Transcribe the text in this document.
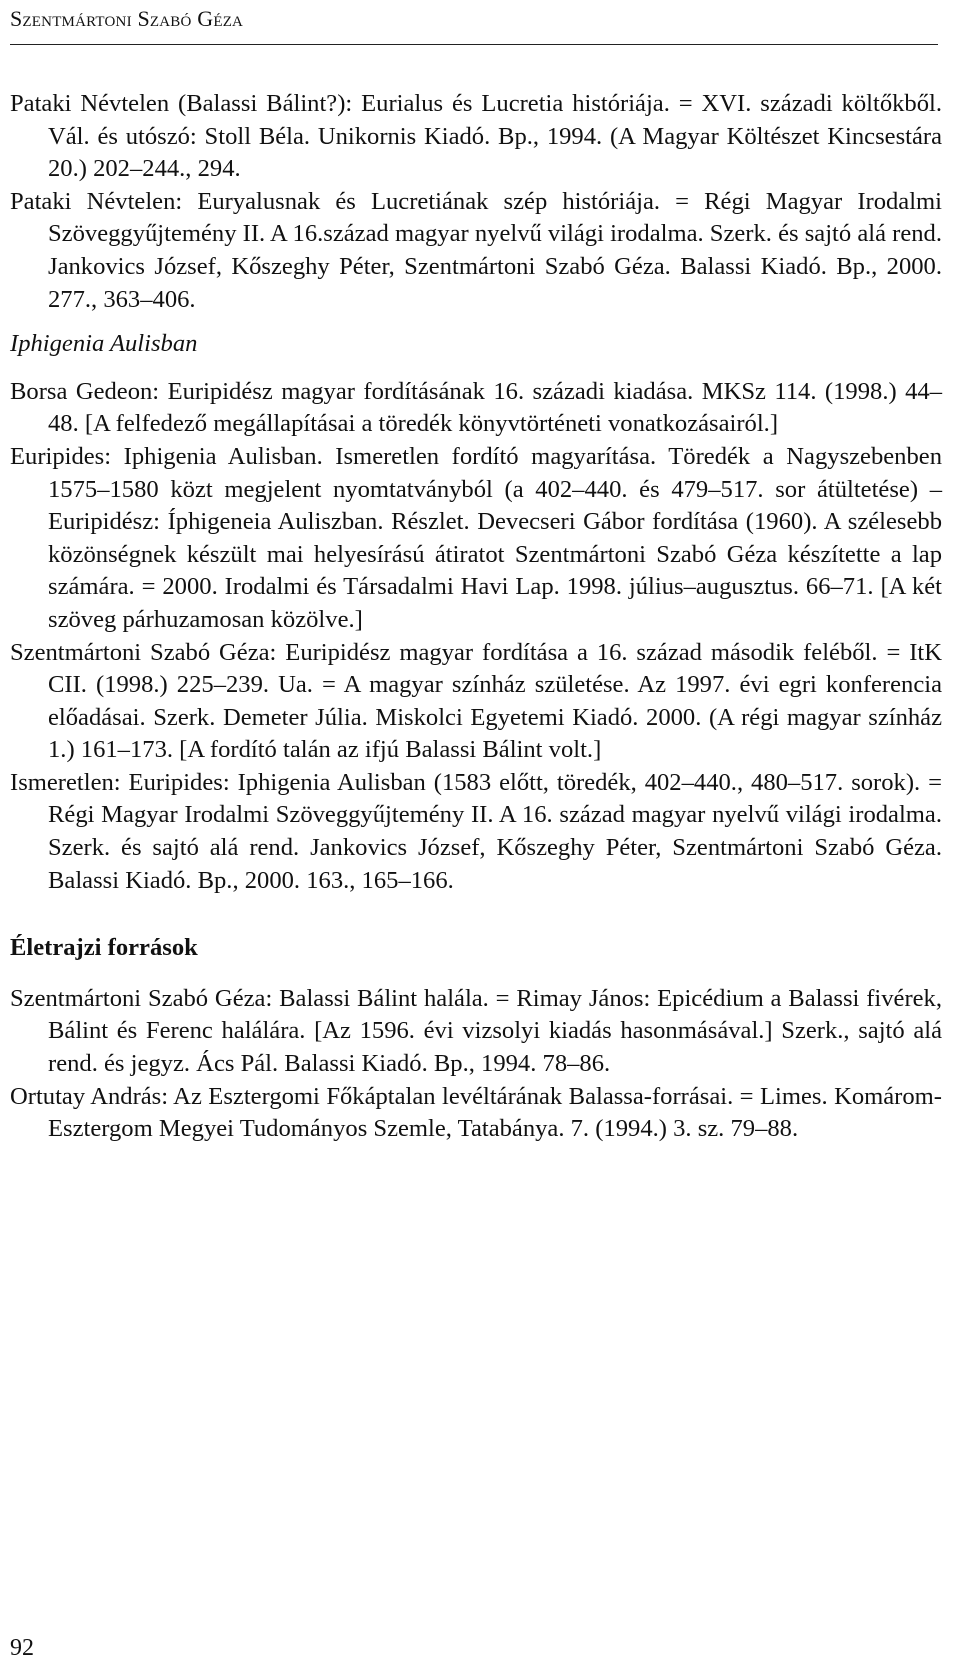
Szentmártoni Szabó Géza

Pataki Névtelen (Balassi Bálint?): Eurialus és Lucretia históriája. = XVI. századi költőkből. Vál. és utószó: Stoll Béla. Unikornis Kiadó. Bp., 1994. (A Magyar Költészet Kincsestára 20.) 202–244., 294.

Pataki Névtelen: Euryalusnak és Lucretiának szép históriája. = Régi Magyar Irodalmi Szöveggyűjtemény II. A 16.század magyar nyelvű világi irodalma. Szerk. és sajtó alá rend. Jankovics József, Kőszeghy Péter, Szentmártoni Szabó Géza. Balassi Kiadó. Bp., 2000. 277., 363–406.

Iphigenia Aulisban

Borsa Gedeon: Euripidész magyar fordításának 16. századi kiadása. MKSz 114. (1998.) 44–48. [A felfedező megállapításai a töredék könyvtörténeti vonatkozásairól.]

Euripides: Iphigenia Aulisban. Ismeretlen fordító magyarítása. Töredék a Nagyszebenben 1575–1580 közt megjelent nyomtatványból (a 402–440. és 479–517. sor átültetése) – Euripidész: Íphigeneia Auliszban. Részlet. Devecseri Gábor fordítása (1960). A szélesebb közönségnek készült mai helyesírású átiratot Szentmártoni Szabó Géza készítette a lap számára. = 2000. Irodalmi és Társadalmi Havi Lap. 1998. július–augusztus. 66–71. [A két szöveg párhuzamosan közölve.]

Szentmártoni Szabó Géza: Euripidész magyar fordítása a 16. század második feléből. = ItK CII. (1998.) 225–239. Ua. = A magyar színház születése. Az 1997. évi egri konferencia előadásai. Szerk. Demeter Júlia. Miskolci Egyetemi Kiadó. 2000. (A régi magyar színház 1.) 161–173. [A fordító talán az ifjú Balassi Bálint volt.]

Ismeretlen: Euripides: Iphigenia Aulisban (1583 előtt, töredék, 402–440., 480–517. sorok). = Régi Magyar Irodalmi Szöveggyűjtemény II. A 16. század magyar nyelvű világi irodalma. Szerk. és sajtó alá rend. Jankovics József, Kőszeghy Péter, Szentmártoni Szabó Géza. Balassi Kiadó. Bp., 2000. 163., 165–166.

Életrajzi források

Szentmártoni Szabó Géza: Balassi Bálint halála. = Rimay János: Epicédium a Balassi fivérek, Bálint és Ferenc halálára. [Az 1596. évi vizsolyi kiadás hasonmásával.] Szerk., sajtó alá rend. és jegyz. Ács Pál. Balassi Kiadó. Bp., 1994. 78–86.

Ortutay András: Az Esztergomi Főkáptalan levéltárának Balassa-forrásai. = Limes. Komárom-Esztergom Megyei Tudományos Szemle, Tatabánya. 7. (1994.) 3. sz. 79–88.

92
